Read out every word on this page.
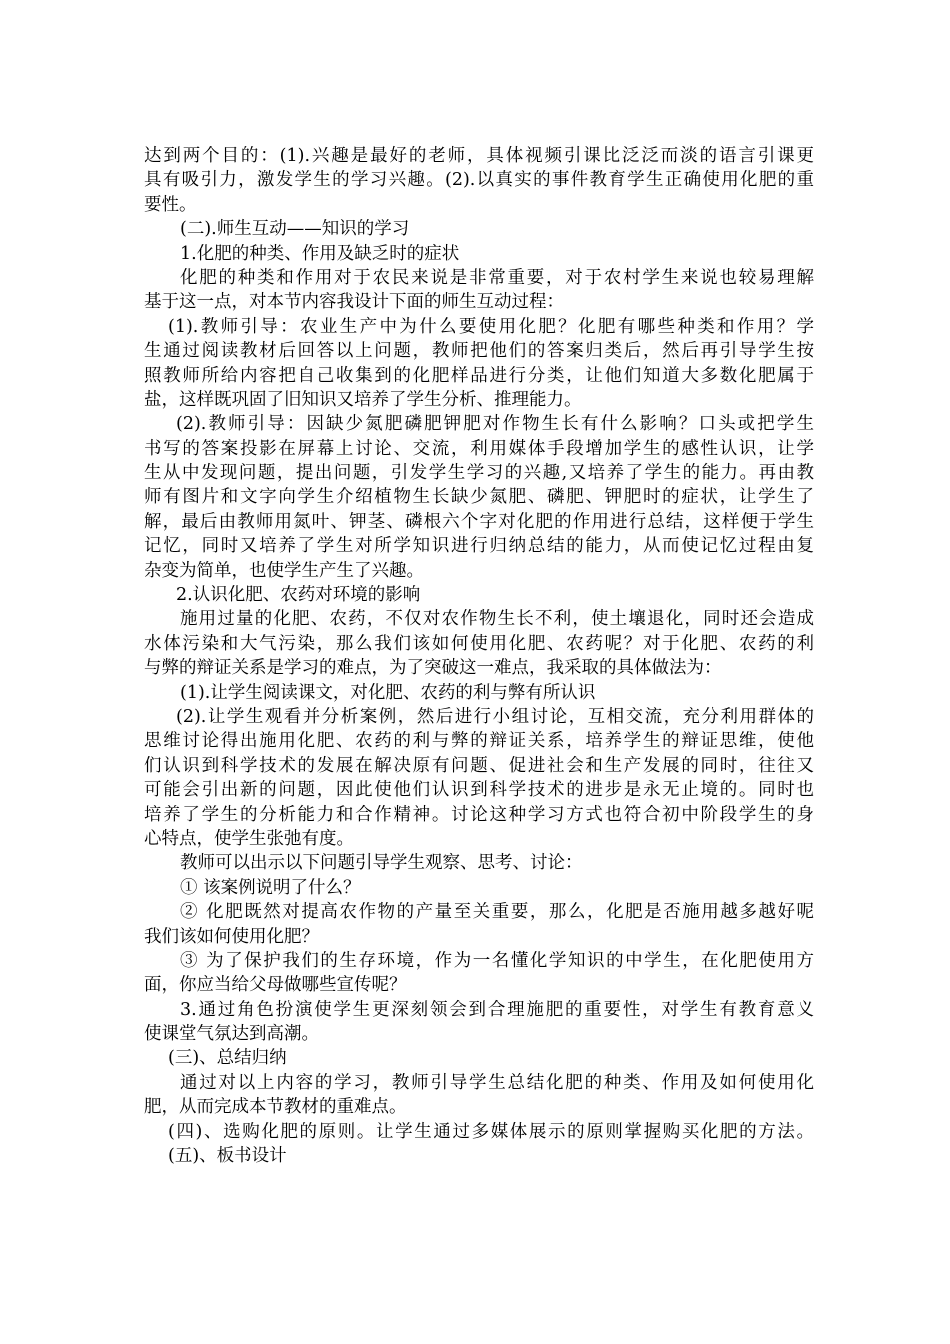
达到两个目的：(1).兴趣是最好的老师，具体视频引课比泛泛而淡的语言引课更
具有吸引力，激发学生的学习兴趣。(2).以真实的事件教育学生正确使用化肥的重
要性。
(二).师生互动——知识的学习
1.化肥的种类、作用及缺乏时的症状
化肥的种类和作用对于农民来说是非常重要，对于农村学生来说也较易理解
基于这一点，对本节内容我设计下面的师生互动过程：
(1).教师引导：农业生产中为什么要使用化肥？化肥有哪些种类和作用？学
生通过阅读教材后回答以上问题，教师把他们的答案归类后，然后再引导学生按
照教师所给内容把自己收集到的化肥样品进行分类，让他们知道大多数化肥属于
盐，这样既巩固了旧知识又培养了学生分析、推理能力。
(2).教师引导：因缺少氮肥磷肥钾肥对作物生长有什么影响？口头或把学生
书写的答案投影在屏幕上讨论、交流，利用媒体手段增加学生的感性认识，让学
生从中发现问题，提出问题，引发学生学习的兴趣,又培养了学生的能力。再由教
师有图片和文字向学生介绍植物生长缺少氮肥、磷肥、钾肥时的症状，让学生了
解，最后由教师用氮叶、钾茎、磷根六个字对化肥的作用进行总结，这样便于学生
记忆，同时又培养了学生对所学知识进行归纳总结的能力，从而使记忆过程由复
杂变为简单，也使学生产生了兴趣。
2.认识化肥、农药对环境的影响
施用过量的化肥、农药，不仅对农作物生长不利，使土壤退化，同时还会造成
水体污染和大气污染，那么我们该如何使用化肥、农药呢？对于化肥、农药的利
与弊的辩证关系是学习的难点，为了突破这一难点，我采取的具体做法为：
(1).让学生阅读课文，对化肥、农药的利与弊有所认识
(2).让学生观看并分析案例，然后进行小组讨论，互相交流，充分利用群体的
思维讨论得出施用化肥、农药的利与弊的辩证关系，培养学生的辩证思维，使他
们认识到科学技术的发展在解决原有问题、促进社会和生产发展的同时，往往又
可能会引出新的问题，因此使他们认识到科学技术的进步是永无止境的。同时也
培养了学生的分析能力和合作精神。讨论这种学习方式也符合初中阶段学生的身
心特点，使学生张弛有度。
教师可以出示以下问题引导学生观察、思考、讨论：
① 该案例说明了什么？
② 化肥既然对提高农作物的产量至关重要，那么，化肥是否施用越多越好呢
我们该如何使用化肥？
③ 为了保护我们的生存环境，作为一名懂化学知识的中学生，在化肥使用方
面，你应当给父母做哪些宣传呢？
3.通过角色扮演使学生更深刻领会到合理施肥的重要性，对学生有教育意义
使课堂气氛达到高潮。
(三)、总结归纳
通过对以上内容的学习，教师引导学生总结化肥的种类、作用及如何使用化
肥，从而完成本节教材的重难点。
(四)、选购化肥的原则。让学生通过多媒体展示的原则掌握购买化肥的方法。
(五)、板书设计
